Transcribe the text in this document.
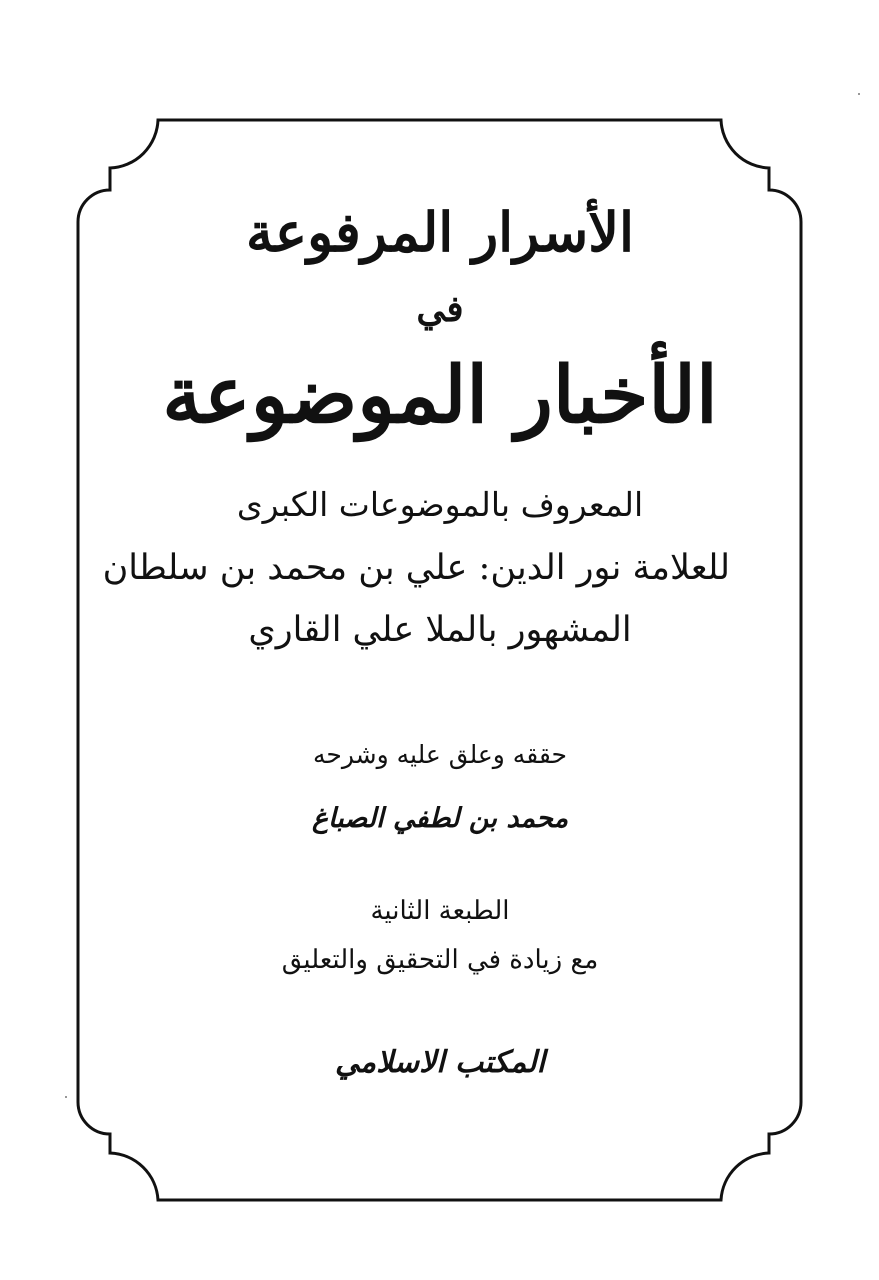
الأسرار المرفوعة
في
الأخبار الموضوعة
المعروف بالموضوعات الكبرى
للعلامة نور الدين: علي بن محمد بن سلطان
المشهور بالملا علي القاري
حققه وعلق عليه وشرحه
محمد بن لطفي الصباغ
الطبعة الثانية
مع زيادة في التحقيق والتعليق
المكتب الاسلامي
